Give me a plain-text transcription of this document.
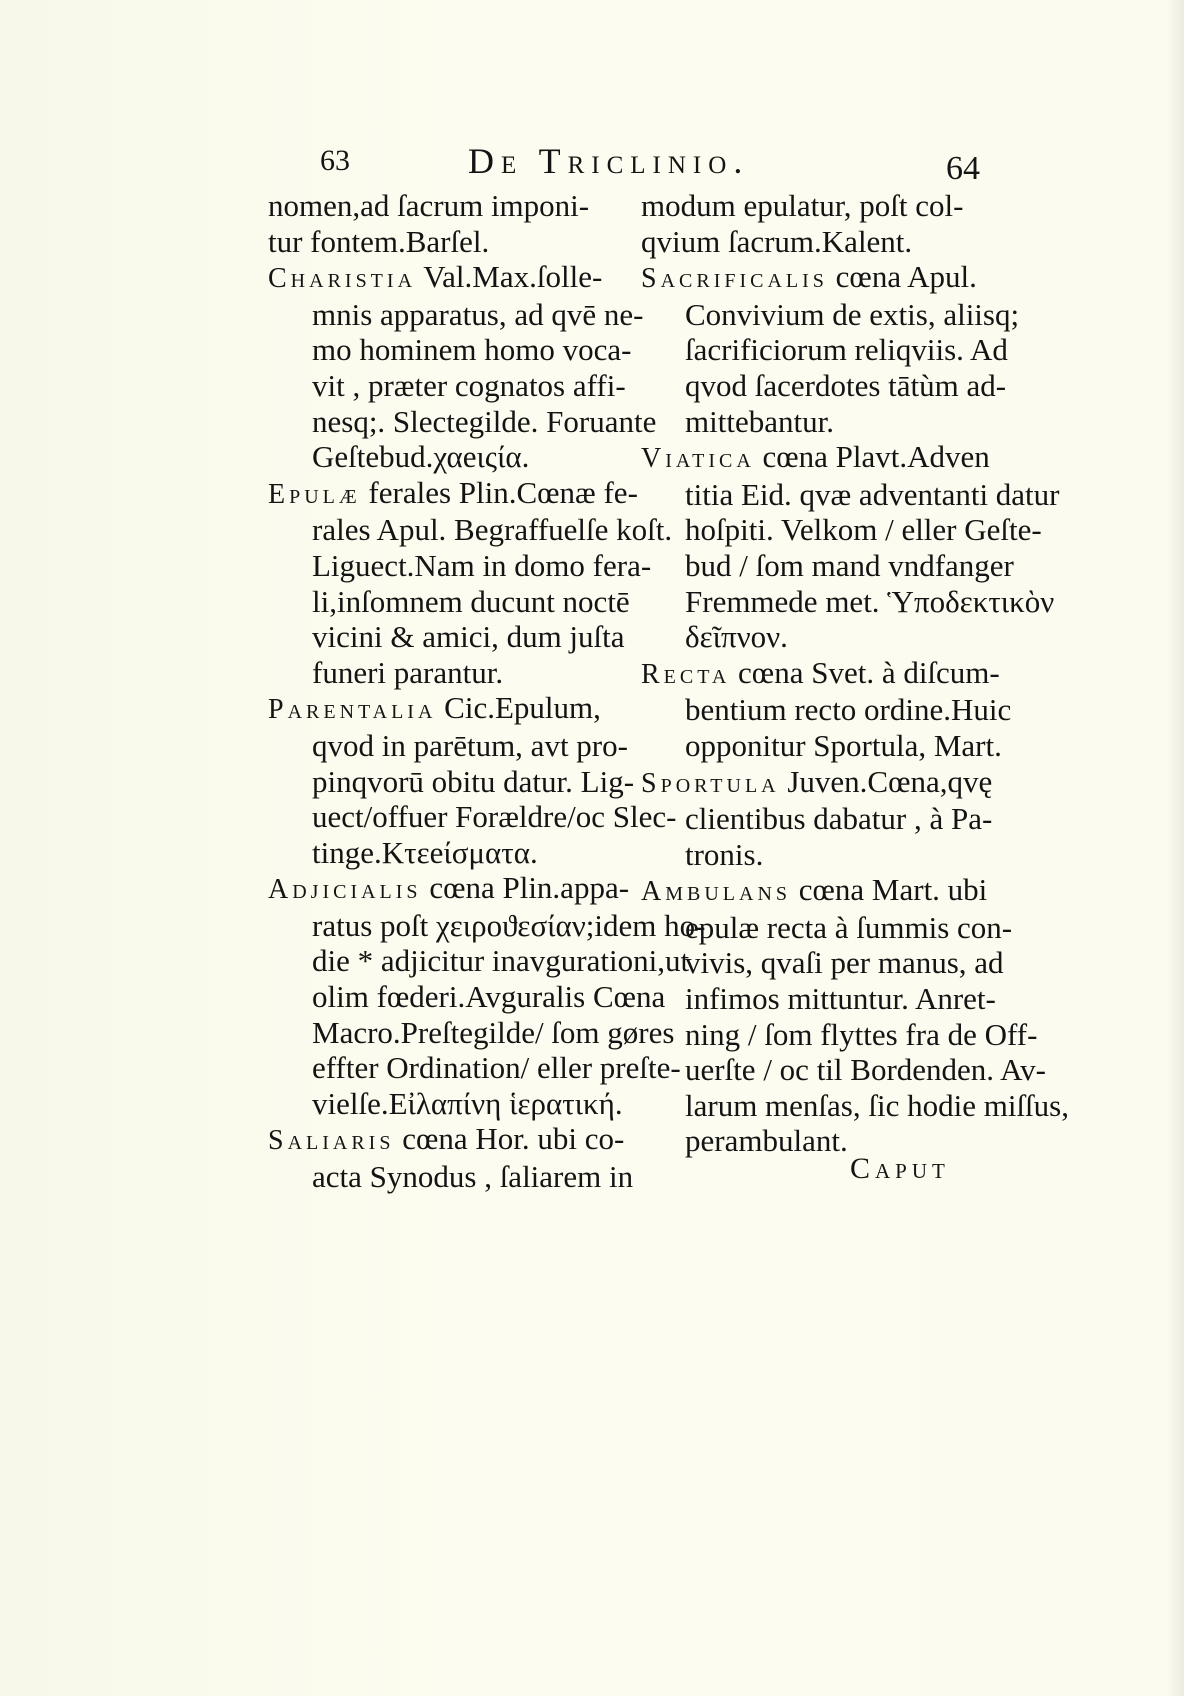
63	De Triclinio.	64
nomen,ad ſacrum imponi-
tur fontem.Barſel.
Charistia Val.Max.ſolle-
mnis apparatus, ad qvē ne-
mo hominem homo voca-
vit , præter cognatos affi-
nesq;. Slectegilde. Foruante
Geſtebud.χαeιςία.
Epulæ ferales Plin.Cœnæ fe-
rales Apul. Begraffuelſe koſt.
Liguect.Nam in domo fera-
li,inſomnem ducunt noctē
vicini & amici, dum juſta
funeri parantur.
Parentalia Cic.Epulum,
qvod in parētum, avt pro-
pinqvorū obitu datur. Lig-
uect/offuer Forældre/oc Slec-
tinge.Κτεeίσματα.
Adjicialis cœna Plin.appa-
ratus poſt χειροϑεσίαν;idem ho-
die * adjicitur inavgurationi,ut
olim fœderi.Avguralis Cœna
Macro.Preſtegilde/ ſom gøres
effter Ordination/ eller preſte-
vielſe.Εἰλαπίνη ἱερατική.
Saliaris cœna Hor. ubi co-
acta Synodus , ſaliarem in
modum epulatur, poſt col-
qvium ſacrum.Kalent.
Sacrificalis cœna Apul.
Convivium de extis, aliisq;
ſacrificiorum reliqviis. Ad
qvod ſacerdotes tātùm ad-
mittebantur.
Viatica cœna Plavt.Adven
titia Eid. qvæ adventanti datur
hoſpiti. Velkom / eller Geſte-
bud / ſom mand vndfanger
Fremmede met. Ὑποδεκτικὸν
δεῖπνον.
Recta cœna Svet. à diſcum-
bentium recto ordine.Huic
opponitur Sportula, Mart.
Sportula Juven.Cœna,qvę
clientibus dabatur , à Pa-
tronis.
Ambulans cœna Mart. ubi
epulæ recta à ſummis con-
vivis, qvaſi per manus, ad
infimos mittuntur. Anret-
ning / ſom flyttes fra de Off-
uerſte / oc til Bordenden. Av-
larum menſas, ſic hodie miſſus,
perambulant.
Caput
